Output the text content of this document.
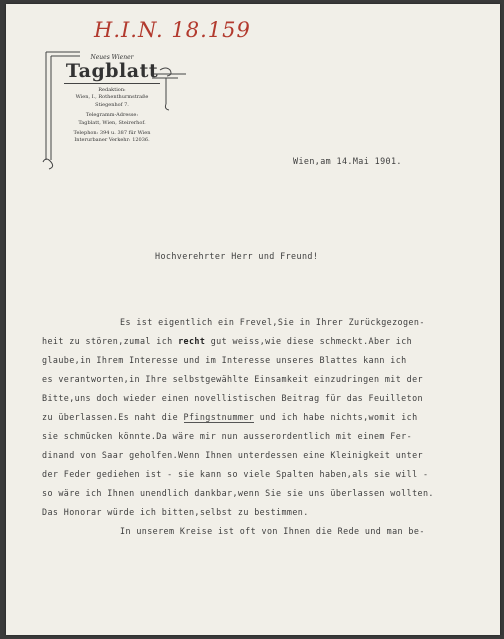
H.I.N. 18.159
Neues Wiener
Tagblatt
Redaktion:
Wien, I., Rothenthurmstraße
Stiegenhof 7.
Telegramm-Adresse:
Tagblatt, Wien, Steirerhof.
Telephon: 394 u. 387 für Wien
Interurbaner Verkehr: 12036.
Wien,am 14.Mai 1901.
Hochverehrter Herr und Freund!
Es ist eigentlich ein Frevel,Sie in Ihrer Zurückgezogen-
heit zu stören,zumal ich recht gut weiss,wie diese schmeckt.Aber ich
glaube,in Ihrem Interesse und im Interesse unseres Blattes kann ich
es verantworten,in Ihre selbstgewählte Einsamkeit einzudringen mit der
Bitte,uns doch wieder einen novellistischen Beitrag für das Feuilleton
zu überlassen.Es naht die Pfingstnummer und ich habe nichts,womit ich
sie schmücken könnte.Da wäre mir nun ausserordentlich mit einem Fer-
dinand von Saar geholfen.Wenn Ihnen unterdessen eine Kleinigkeit unter
der Feder gediehen ist - sie kann so viele Spalten haben,als sie will -
so wäre ich Ihnen unendlich dankbar,wenn Sie sie uns überlassen wollten.
Das Honorar würde ich bitten,selbst zu bestimmen.
In unserem Kreise ist oft von Ihnen die Rede und man be-
